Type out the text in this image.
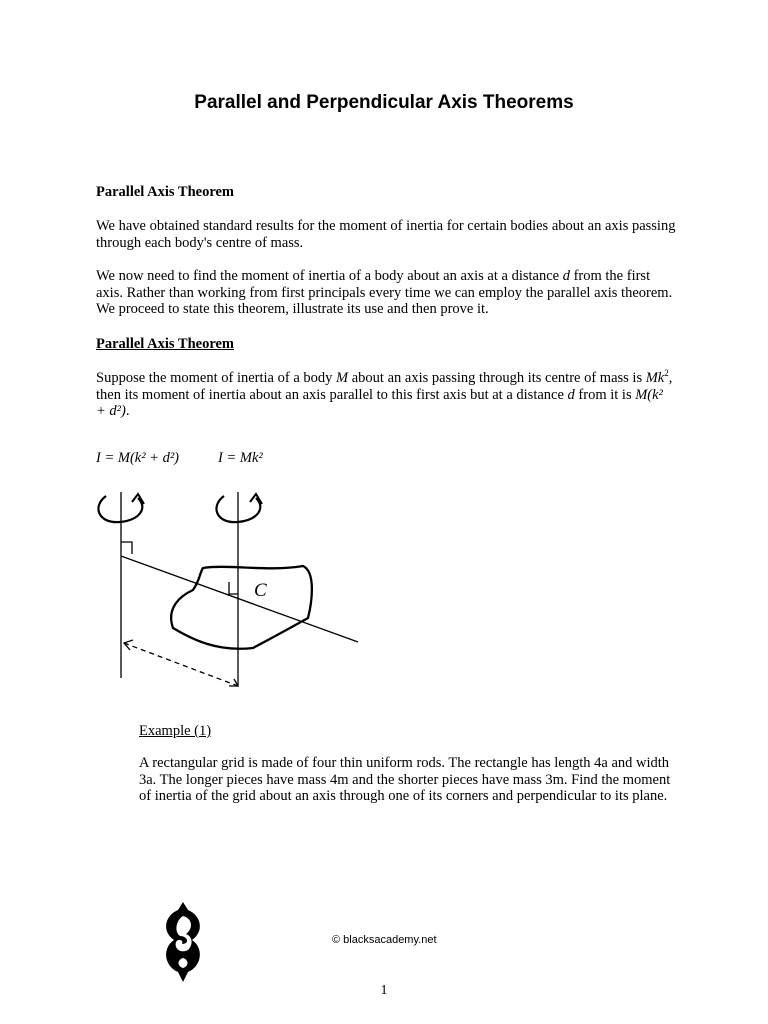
Parallel and Perpendicular Axis Theorems
Parallel Axis Theorem

We have obtained standard results for the moment of inertia for certain bodies about an axis passing through each body's centre of mass.

We now need to find the moment of inertia of a body about an axis at a distance d from the first axis. Rather than working from first principals every time we can employ the parallel axis theorem. We proceed to state this theorem, illustrate its use and then prove it.

Parallel Axis Theorem

Suppose the moment of inertia of a body M about an axis passing through its centre of mass is Mk$^2$, then its moment of inertia about an axis parallel to this first axis but at a distance d from it is M(k² + d²).

I = M(k² + d²)	I = Mk²
C
Example (1)

A rectangular grid is made of four thin uniform rods. The rectangle has length 4a and width 3a. The longer pieces have mass 4m and the shorter pieces have mass 3m. Find the moment of inertia of the grid about an axis through one of its corners and perpendicular to its plane.

© blacksacademy.net
1
